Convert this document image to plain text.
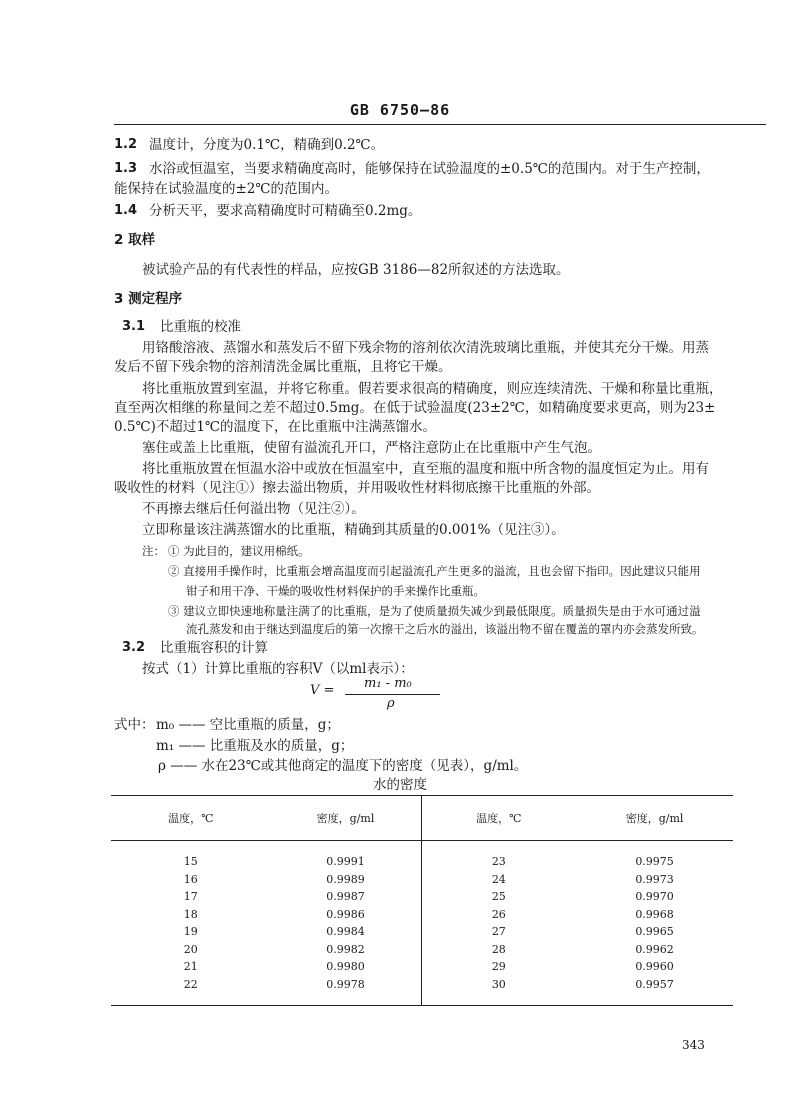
GB 6750—86
1.2 温度计，分度为0.1℃，精确到0.2℃。
1.3 水浴或恒温室，当要求精确度高时，能够保持在试验温度的±0.5℃的范围内。对于生产控制，
能保持在试验温度的±2℃的范围内。
1.4 分析天平，要求高精确度时可精确至0.2mg。
2 取样
被试验产品的有代表性的样品，应按GB 3186—82所叙述的方法选取。
3 测定程序
3.1 比重瓶的校准
用铬酸溶液、蒸馏水和蒸发后不留下残余物的溶剂依次清洗玻璃比重瓶，并使其充分干燥。用蒸
发后不留下残余物的溶剂清洗金属比重瓶，且将它干燥。
将比重瓶放置到室温，并将它称重。假若要求很高的精确度，则应连续清洗、干燥和称量比重瓶，
直至两次相继的称量间之差不超过0.5mg。在低于试验温度(23±2℃，如精确度要求更高，则为23±
0.5℃)不超过1℃的温度下，在比重瓶中注满蒸馏水。
塞住或盖上比重瓶，使留有溢流孔开口，严格注意防止在比重瓶中产生气泡。
将比重瓶放置在恒温水浴中或放在恒温室中，直至瓶的温度和瓶中所含物的温度恒定为止。用有
吸收性的材料（见注①）擦去溢出物质，并用吸收性材料彻底擦干比重瓶的外部。
不再擦去继后任何溢出物（见注②）。
立即称量该注满蒸馏水的比重瓶，精确到其质量的0.001%（见注③）。
注： ① 为此目的，建议用棉纸。
② 直接用手操作时，比重瓶会增高温度而引起溢流孔产生更多的溢流，且也会留下指印。因此建议只能用
钳子和用干净、干燥的吸收性材料保护的手来操作比重瓶。
③ 建议立即快速地称量注满了的比重瓶，是为了使质量损失减少到最低限度。质量损失是由于水可通过溢
流孔蒸发和由于继达到温度后的第一次擦干之后水的溢出，该溢出物不留在覆盖的罩内亦会蒸发所致。
3.2 比重瓶容积的计算
按式（1）计算比重瓶的容积V（以ml表示）：
V = m₁ - m₀
ρ
式中： m₀ —— 空比重瓶的质量，g；
m₁ —— 比重瓶及水的质量，g；
ρ —— 水在23℃或其他商定的温度下的密度（见表），g/ml。
水的密度
温度，℃	密度，g/ml	温度，℃	密度，g/ml
15	0.9991	23	0.9975
16	0.9989	24	0.9973
17	0.9987	25	0.9970
18	0.9986	26	0.9968
19	0.9984	27	0.9965
20	0.9982	28	0.9962
21	0.9980	29	0.9960
22	0.9978	30	0.9957
343
